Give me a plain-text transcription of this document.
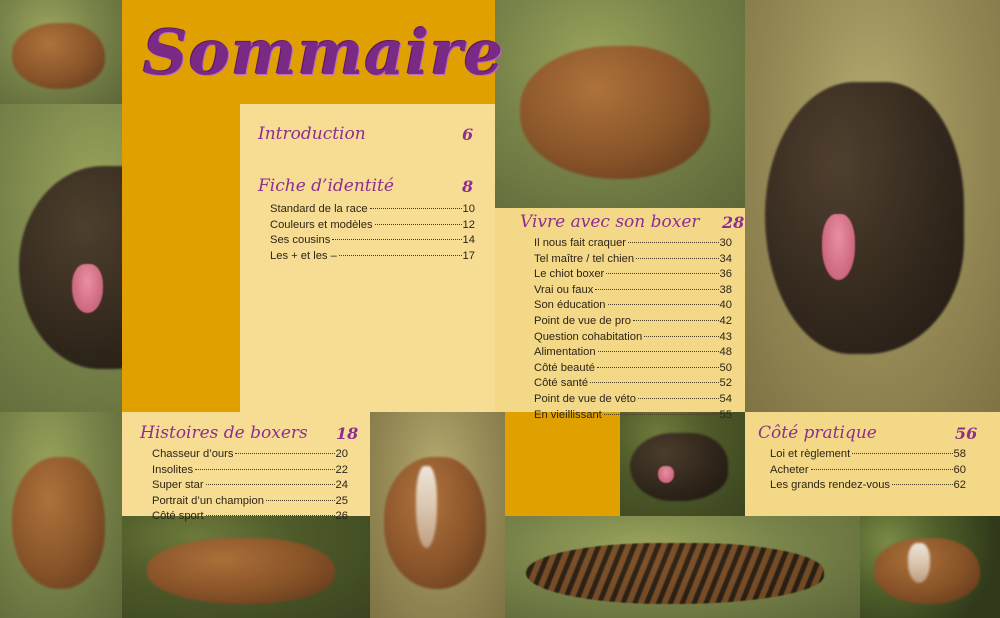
Sommaire
Introduction	6
Fiche d’identité	8
Standard de la race	10
Couleurs et modèles	12
Ses cousins	14
Les + et les –	17
Vivre avec son boxer 28
Il nous fait craquer	30
Tel maître / tel chien	34
Le chiot boxer	36
Vrai ou faux	38
Son éducation	40
Point de vue de pro	42
Question cohabitation	43
Alimentation	48
Côté beauté	50
Côté santé	52
Point de vue de véto	54
En vieillissant	55
Histoires de boxers 18
Chasseur d’ours	20
Insolites	22
Super star	24
Portrait d’un champion	25
Côté sport	26
Côté pratique	56
Loi et règlement	58
Acheter	60
Les grands rendez-vous	62
